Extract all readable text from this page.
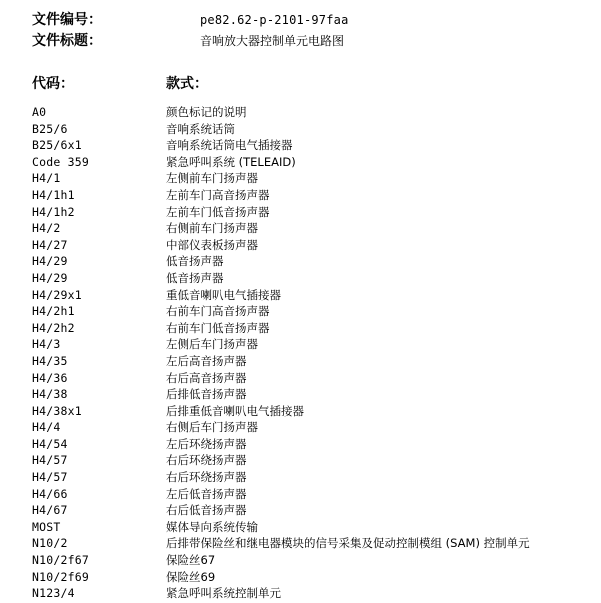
文件编号：	pe82.62-p-2101-97faa
文件标题：	音响放大器控制单元电路图
代码：	款式：
A0	颜色标记的说明
B25/6	音响系统话筒
B25/6x1	音响系统话筒电气插接器
Code 359	紧急呼叫系统 (TELEAID)
H4/1	左侧前车门扬声器
H4/1h1	左前车门高音扬声器
H4/1h2	左前车门低音扬声器
H4/2	右侧前车门扬声器
H4/27	中部仪表板扬声器
H4/29	低音扬声器
H4/29	低音扬声器
H4/29x1	重低音喇叭电气插接器
H4/2h1	右前车门高音扬声器
H4/2h2	右前车门低音扬声器
H4/3	左侧后车门扬声器
H4/35	左后高音扬声器
H4/36	右后高音扬声器
H4/38	后排低音扬声器
H4/38x1	后排重低音喇叭电气插接器
H4/4	右侧后车门扬声器
H4/54	左后环绕扬声器
H4/57	右后环绕扬声器
H4/57	右后环绕扬声器
H4/66	左后低音扬声器
H4/67	右后低音扬声器
MOST	媒体导向系统传输
N10/2	后排带保险丝和继电器模块的信号采集及促动控制模组 (SAM) 控制单元
N10/2f67	保险丝67
N10/2f69	保险丝69
N123/4	紧急呼叫系统控制单元
